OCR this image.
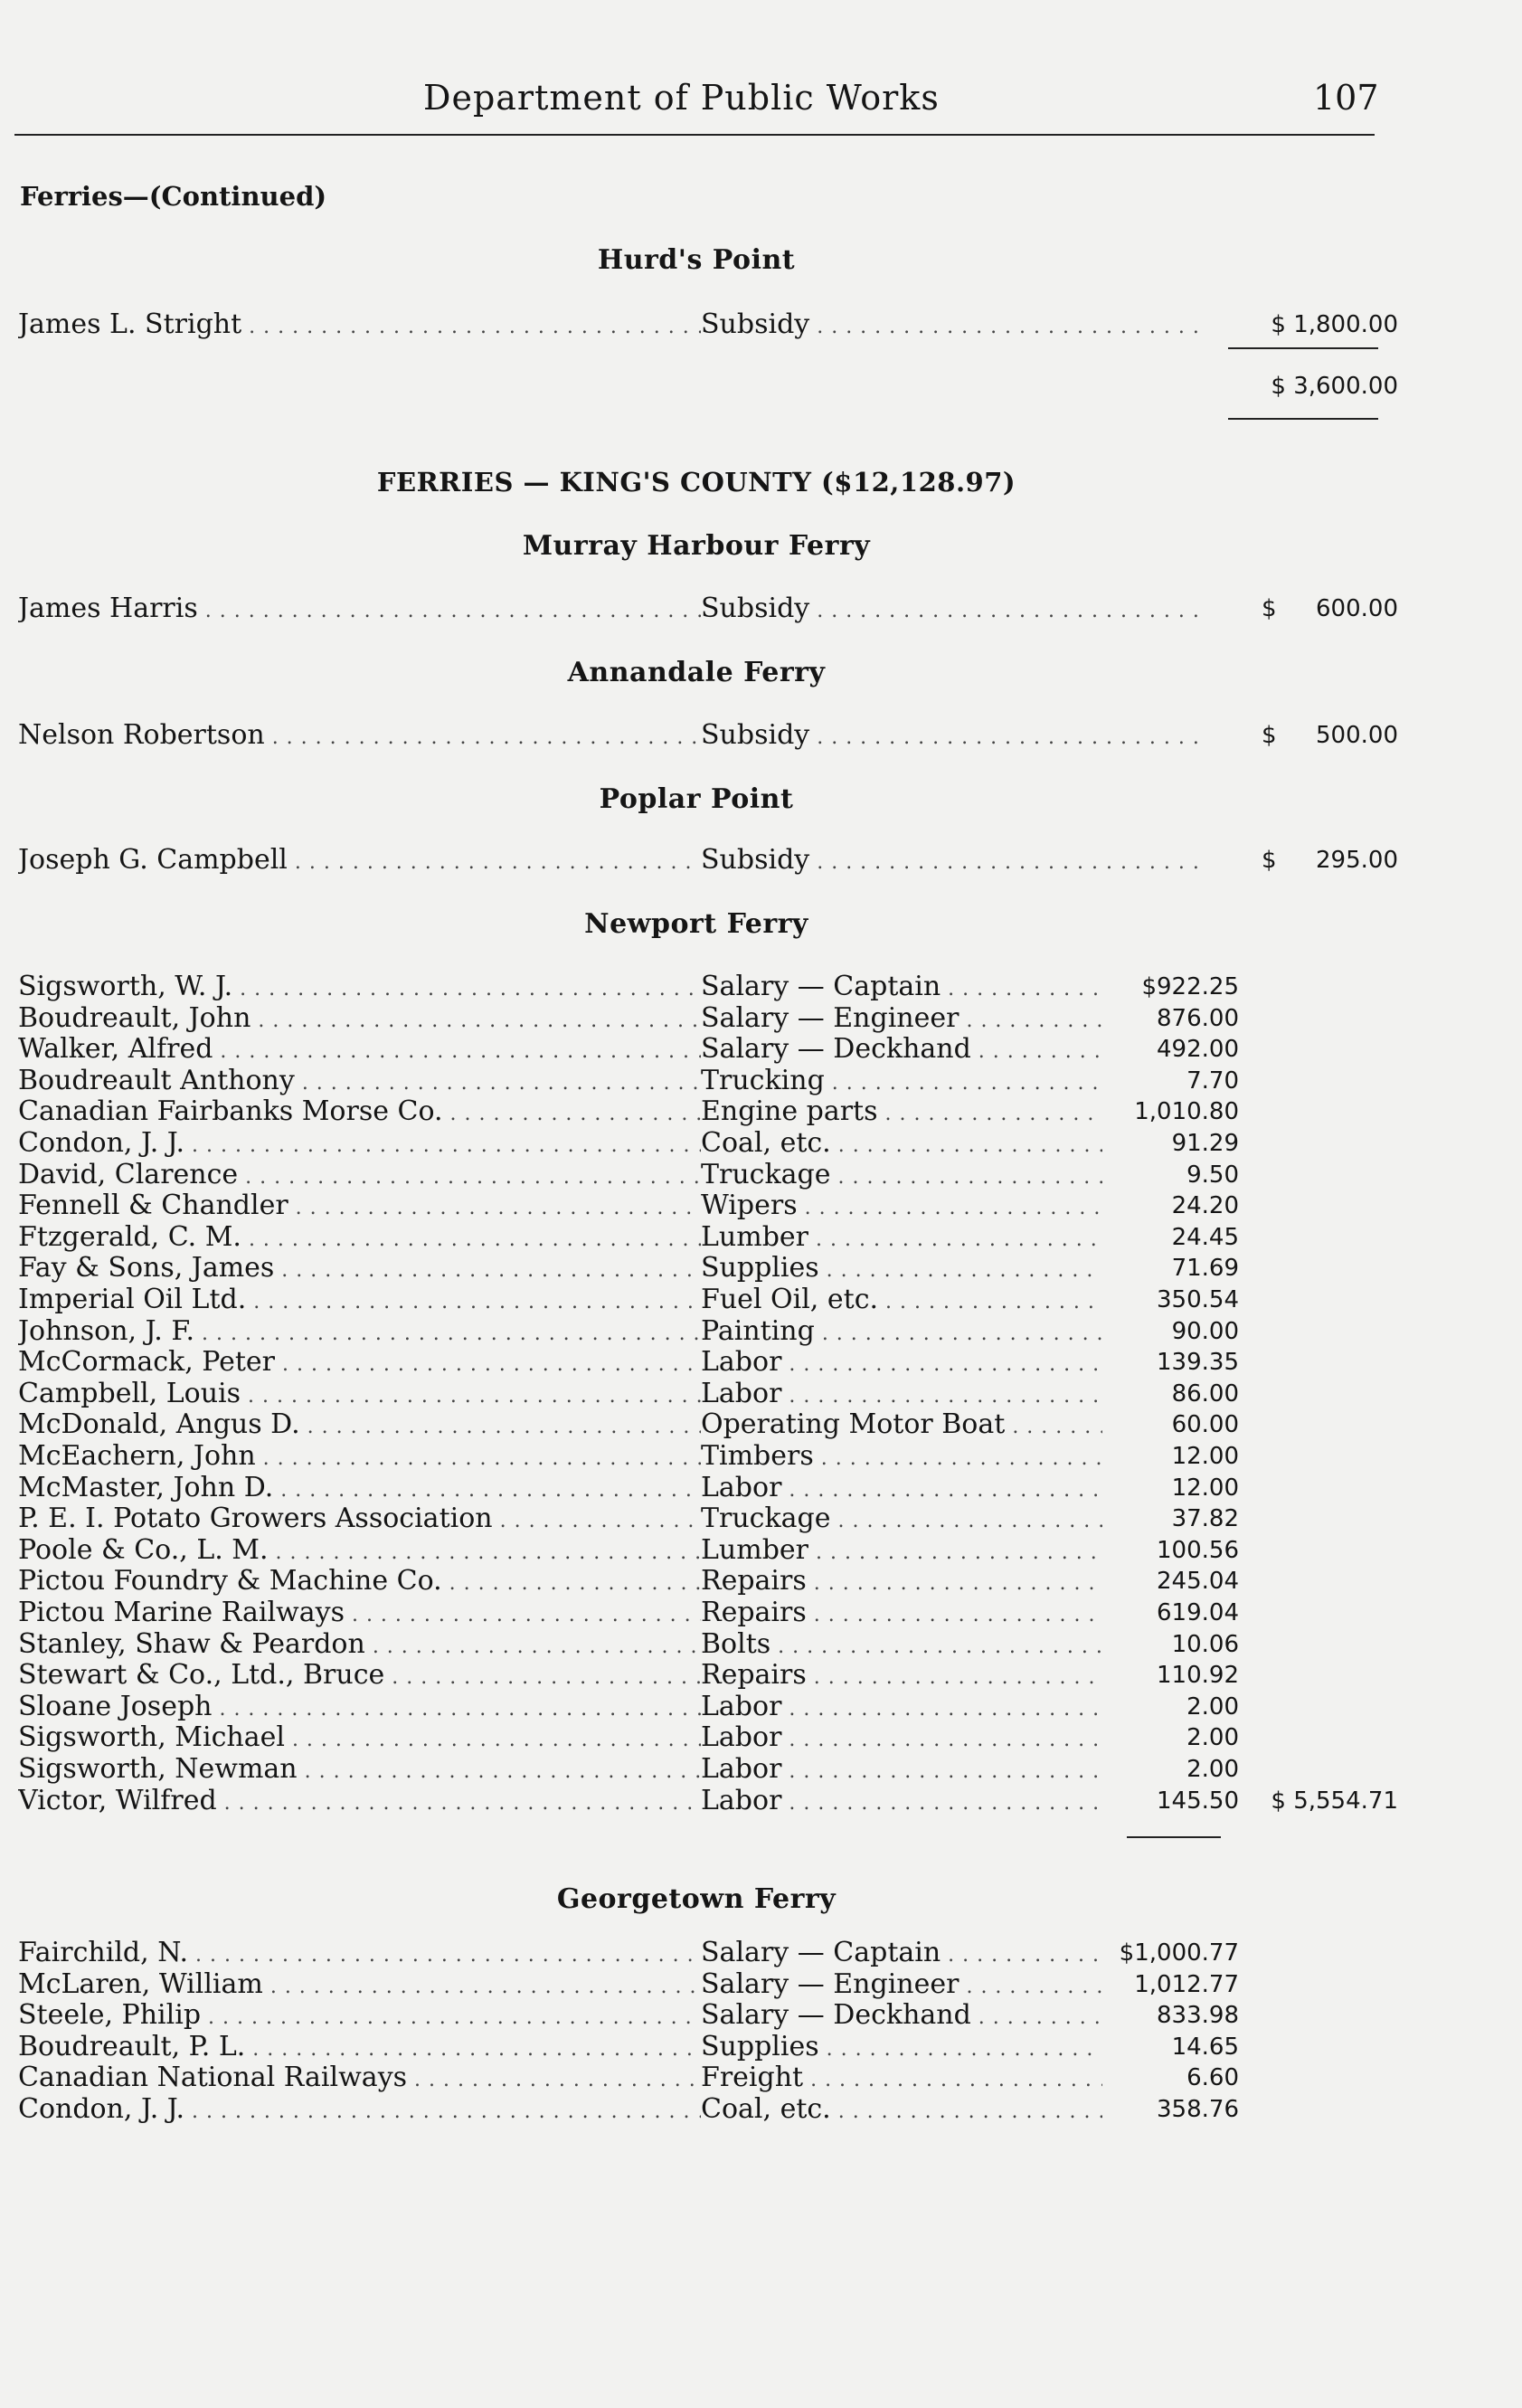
Department of Public Works	107
Ferries—(Continued)
Hurd's Point
James L. Stright . . .	Subsidy . . .	$ 1,800.00
$ 3,600.00
FERRIES — KING'S COUNTY ($12,128.97)
Murray Harbour Ferry
James Harris . . .	Subsidy . . .	$	600.00
Annandale Ferry
Nelson Robertson . . .	Subsidy . . .	$	500.00
Poplar Point
Joseph G. Campbell . . .	Subsidy . . .	$	295.00
Newport Ferry
Sigsworth, W. J. . . .	Salary — Captain . . .	$922.25
Boudreault, John . . .	Salary — Engineer . . .	876.00
Walker, Alfred . . .	Salary — Deckhand . . .	492.00
Boudreault Anthony . . .	Trucking . . .	7.70
Canadian Fairbanks Morse Co. . . .	Engine parts . . .	1,010.80
Condon, J. J. . . .	Coal, etc. . . .	91.29
David, Clarence . . .	Truckage . . .	9.50
Fennell & Chandler . . .	Wipers . . .	24.20
Ftzgerald, C. M. . . .	Lumber . . .	24.45
Fay & Sons, James . . .	Supplies . . .	71.69
Imperial Oil Ltd. . . .	Fuel Oil, etc. . . .	350.54
Johnson, J. F. . . .	Painting . . .	90.00
McCormack, Peter . . .	Labor . . .	139.35
Campbell, Louis . . .	Labor . . .	86.00
McDonald, Angus D. . . .	Operating Motor Boat . . .	60.00
McEachern, John . . .	Timbers . . .	12.00
McMaster, John D. . . .	Labor . . .	12.00
P. E. I. Potato Growers Association . . .	Truckage . . .	37.82
Poole & Co., L. M. . . .	Lumber . . .	100.56
Pictou Foundry & Machine Co. . . .	Repairs . . .	245.04
Pictou Marine Railways . . .	Repairs . . .	619.04
Stanley, Shaw & Peardon . . .	Bolts . . .	10.06
Stewart & Co., Ltd., Bruce . . .	Repairs . . .	110.92
Sloane Joseph . . .	Labor . . .	2.00
Sigsworth, Michael . . .	Labor . . .	2.00
Sigsworth, Newman . . .	Labor . . .	2.00
Victor, Wilfred . . .	Labor . . .	145.50	$ 5,554.71
Georgetown Ferry
Fairchild, N. . . .	Salary — Captain . . .	$1,000.77
McLaren, William . . .	Salary — Engineer . . .	1,012.77
Steele, Philip . . .	Salary — Deckhand . . .	833.98
Boudreault, P. L. . . .	Supplies . . .	14.65
Canadian National Railways . . .	Freight . . .	6.60
Condon, J. J. . . .	Coal, etc. . . .	358.76
